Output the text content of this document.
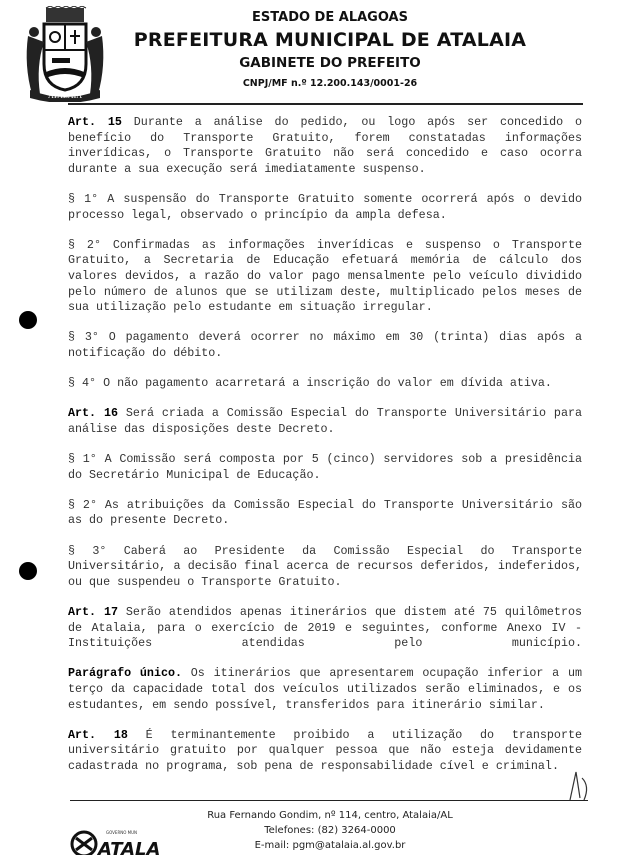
ATALAIA
ESTADO DE ALAGOAS
PREFEITURA MUNICIPAL DE ATALAIA
GABINETE DO PREFEITO
CNPJ/MF n.º 12.200.143/0001-26
Art. 15 Durante a análise do pedido, ou logo após ser concedido o
benefício do Transporte Gratuito, forem constatadas informações
inverídicas, o Transporte Gratuito não será concedido e caso ocorra
durante a sua execução será imediatamente suspenso.
§ 1° A suspensão do Transporte Gratuito somente ocorrerá após o devido
processo legal, observado o princípio da ampla defesa.
§ 2° Confirmadas as informações inverídicas e suspenso o Transporte
Gratuito, a Secretaria de Educação efetuará memória de cálculo dos
valores devidos, a razão do valor pago mensalmente pelo veículo dividido
pelo número de alunos que se utilizam deste, multiplicado pelos meses de
sua utilização pelo estudante em situação irregular.
§ 3° O pagamento deverá ocorrer no máximo em 30 (trinta) dias após a
notificação do débito.
§ 4° O não pagamento acarretará a inscrição do valor em dívida ativa.
Art. 16 Será criada a Comissão Especial do Transporte Universitário para
análise das disposições deste Decreto.
§ 1° A Comissão será composta por 5 (cinco) servidores sob a presidência
do Secretário Municipal de Educação.
§ 2° As atribuições da Comissão Especial do Transporte Universitário são
as do presente Decreto.
§ 3° Caberá ao Presidente da Comissão Especial do Transporte
Universitário, a decisão final acerca de recursos deferidos, indeferidos,
ou que suspendeu o Transporte Gratuito.
Art. 17 Serão atendidos apenas itinerários que distem até 75 quilômetros
de Atalaia, para o exercício de 2019 e seguintes, conforme Anexo IV -
Instituições atendidas pelo município.
Parágrafo único. Os itinerários que apresentarem ocupação inferior a um
terço da capacidade total dos veículos utilizados serão eliminados, e os
estudantes, em sendo possível, transferidos para itinerário similar.
Art. 18 É terminantemente proibido a utilização do transporte
universitário gratuito por qualquer pessoa que não esteja devidamente
cadastrada no programa, sob pena de responsabilidade cível e criminal.
Rua Fernando Gondim, nº 114, centro, Atalaia/AL
Telefones: (82) 3264-0000
E-mail: pgm@atalaia.al.gov.br
GOVERNO MUN
ATALA
